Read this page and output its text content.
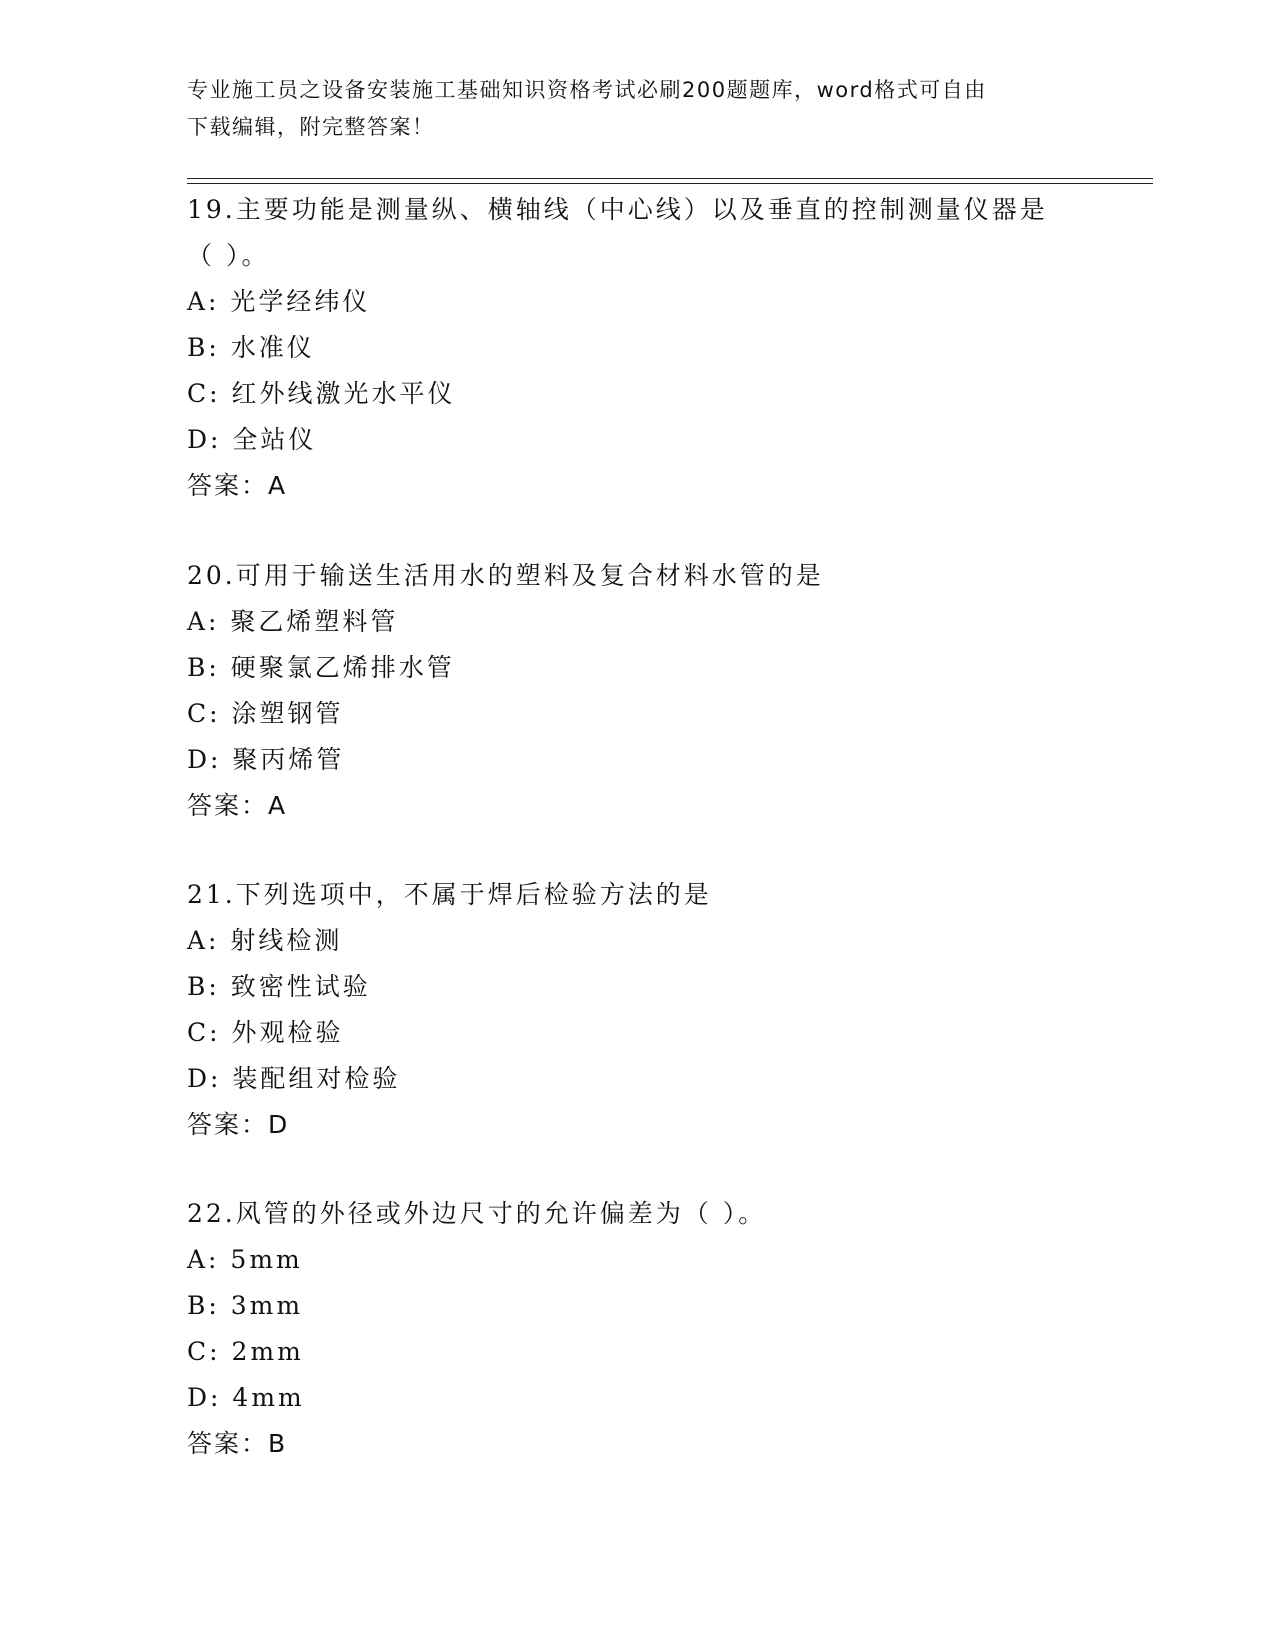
专业施工员之设备安装施工基础知识资格考试必刷200题题库，word格式可自由
下载编辑，附完整答案！

19.主要功能是测量纵、横轴线（中心线）以及垂直的控制测量仪器是

（ ）。

A: 光学经纬仪

B: 水准仪

C: 红外线激光水平仪

D: 全站仪

答案：A

20.可用于输送生活用水的塑料及复合材料水管的是

A: 聚乙烯塑料管

B: 硬聚氯乙烯排水管

C: 涂塑钢管

D: 聚丙烯管

答案：A

21.下列选项中，不属于焊后检验方法的是

A: 射线检测

B: 致密性试验

C: 外观检验

D: 装配组对检验

答案：D

22.风管的外径或外边尺寸的允许偏差为（ ）。

A: 5mm

B: 3mm

C: 2mm

D: 4mm

答案：B
